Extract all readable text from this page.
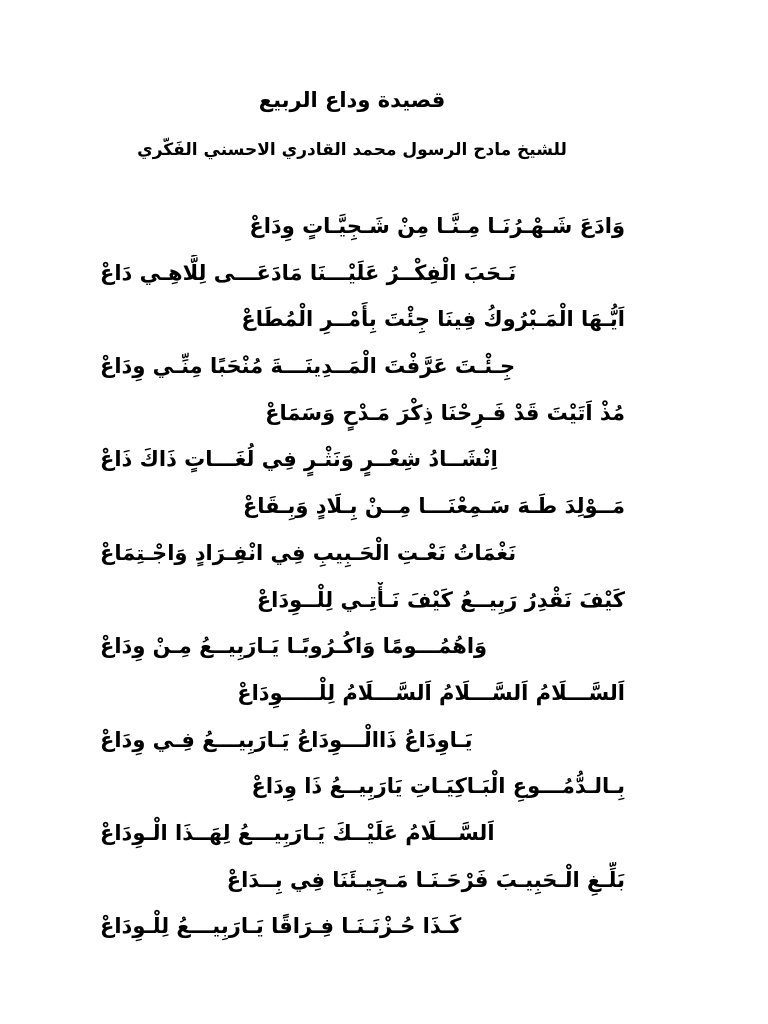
قصيدة وداع الربيع
للشيخ مادح الرسول محمد القادري الاحسني الفَكّري
وَادَعَ شَـهْـرُنَـا مِـنَّـا مِنْ شَـجِيَّـاتٍ وِدَاعْ
نَـحَبَ الْفِكْــرُ عَلَيْـــنَا مَادَعَـــى لِلَّاهِـي دَاعْ
اَيُّـهَا الْمَـبْرُوكُ فِينَا جِئْتَ بِأَمْــرِ الْمُطَاعْ
جِـئْـتَ عَرَّفْتَ الْمَــدِينَـــةَ مُنْحَبًا مِنِّـي وِدَاعْ
مُذْ اَتَيْتَ قَدْ فَـرِحْنَا ذِكْرَ مَـدْحٍ وَسَمَاعْ
اِنْشَــادُ شِعْــرٍ وَنَثْـرٍ فِي لُغَـــاتٍ ذَاكَ ذَاعْ
مَــوْلِدَ طَـهَ سَـمِعْنَـــا مِــنْ بِـلَادٍ وَبِـقَاعْ
نَغْمَاتُ نَعْـتِ الْحَـبِيبِ فِي انْفِـرَادٍ وَاجْـتِمَاعْ
كَيْفَ نَقْدِرُ رَبِيــعُ كَيْفَ نَـأْتِـي لِلْــوِدَاعْ
وَاهُمُـــومًا وَاكُـرُوبًـا يَـارَبِيــعُ مِـنْ وِدَاعْ
اَلسَّـــلَامُ اَلسَّـــلَامُ اَلسَّـــلَامُ لِلْـــــوِدَاعْ
يَـاوِدَاعُ ذَاالْـــوِدَاعُ يَـارَبِيـــعُ فِـي وِدَاعْ
بِـالـدُّمُـــوعِ الْبَـاكِيَـاتِ يَارَبِيــعُ ذَا وِدَاعْ
اَلسَّـــلَامُ عَلَيْــكَ يَـارَبِيـــعُ لِهَــذَا الْـوِدَاعْ
بَلِّـغِ الْـحَبِيـبَ فَرْحَـنَـا مَـجِيـئَنَا فِي بِــدَاعْ
كَـذَا حُـزْنَـنَـا فِـرَاقًا يَـارَبِيـــعُ لِلْـوِدَاعْ
